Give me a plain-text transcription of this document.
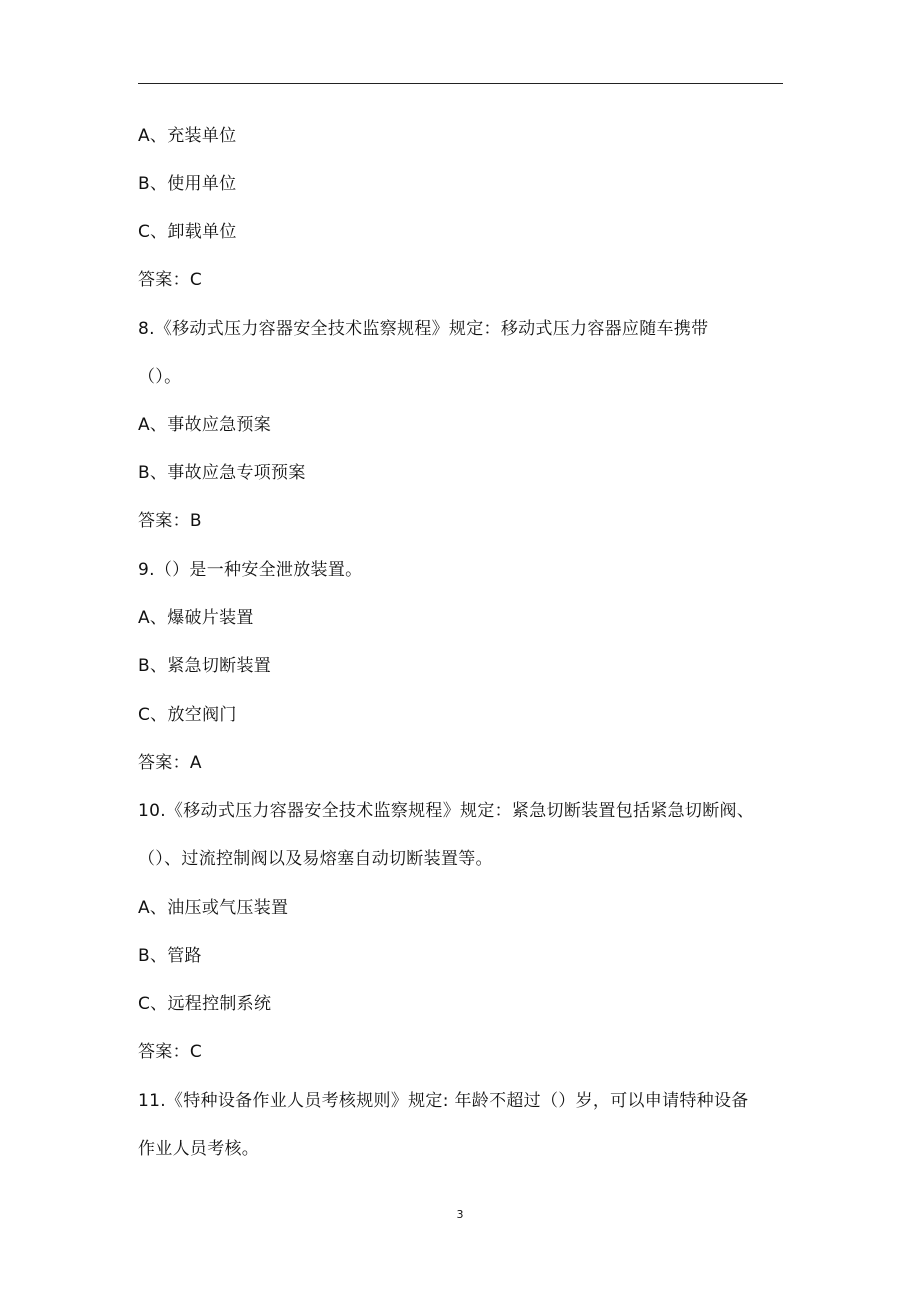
A、充装单位
B、使用单位
C、卸载单位
答案：C
8.《移动式压力容器安全技术监察规程》规定：移动式压力容器应随车携带
（）。
A、事故应急预案
B、事故应急专项预案
答案：B
9.（）是一种安全泄放装置。
A、爆破片装置
B、紧急切断装置
C、放空阀门
答案：A
10.《移动式压力容器安全技术监察规程》规定：紧急切断装置包括紧急切断阀、
（）、过流控制阀以及易熔塞自动切断装置等。
A、油压或气压装置
B、管路
C、远程控制系统
答案：C
11.《特种设备作业人员考核规则》规定: 年龄不超过（）岁，可以申请特种设备
作业人员考核。
3
